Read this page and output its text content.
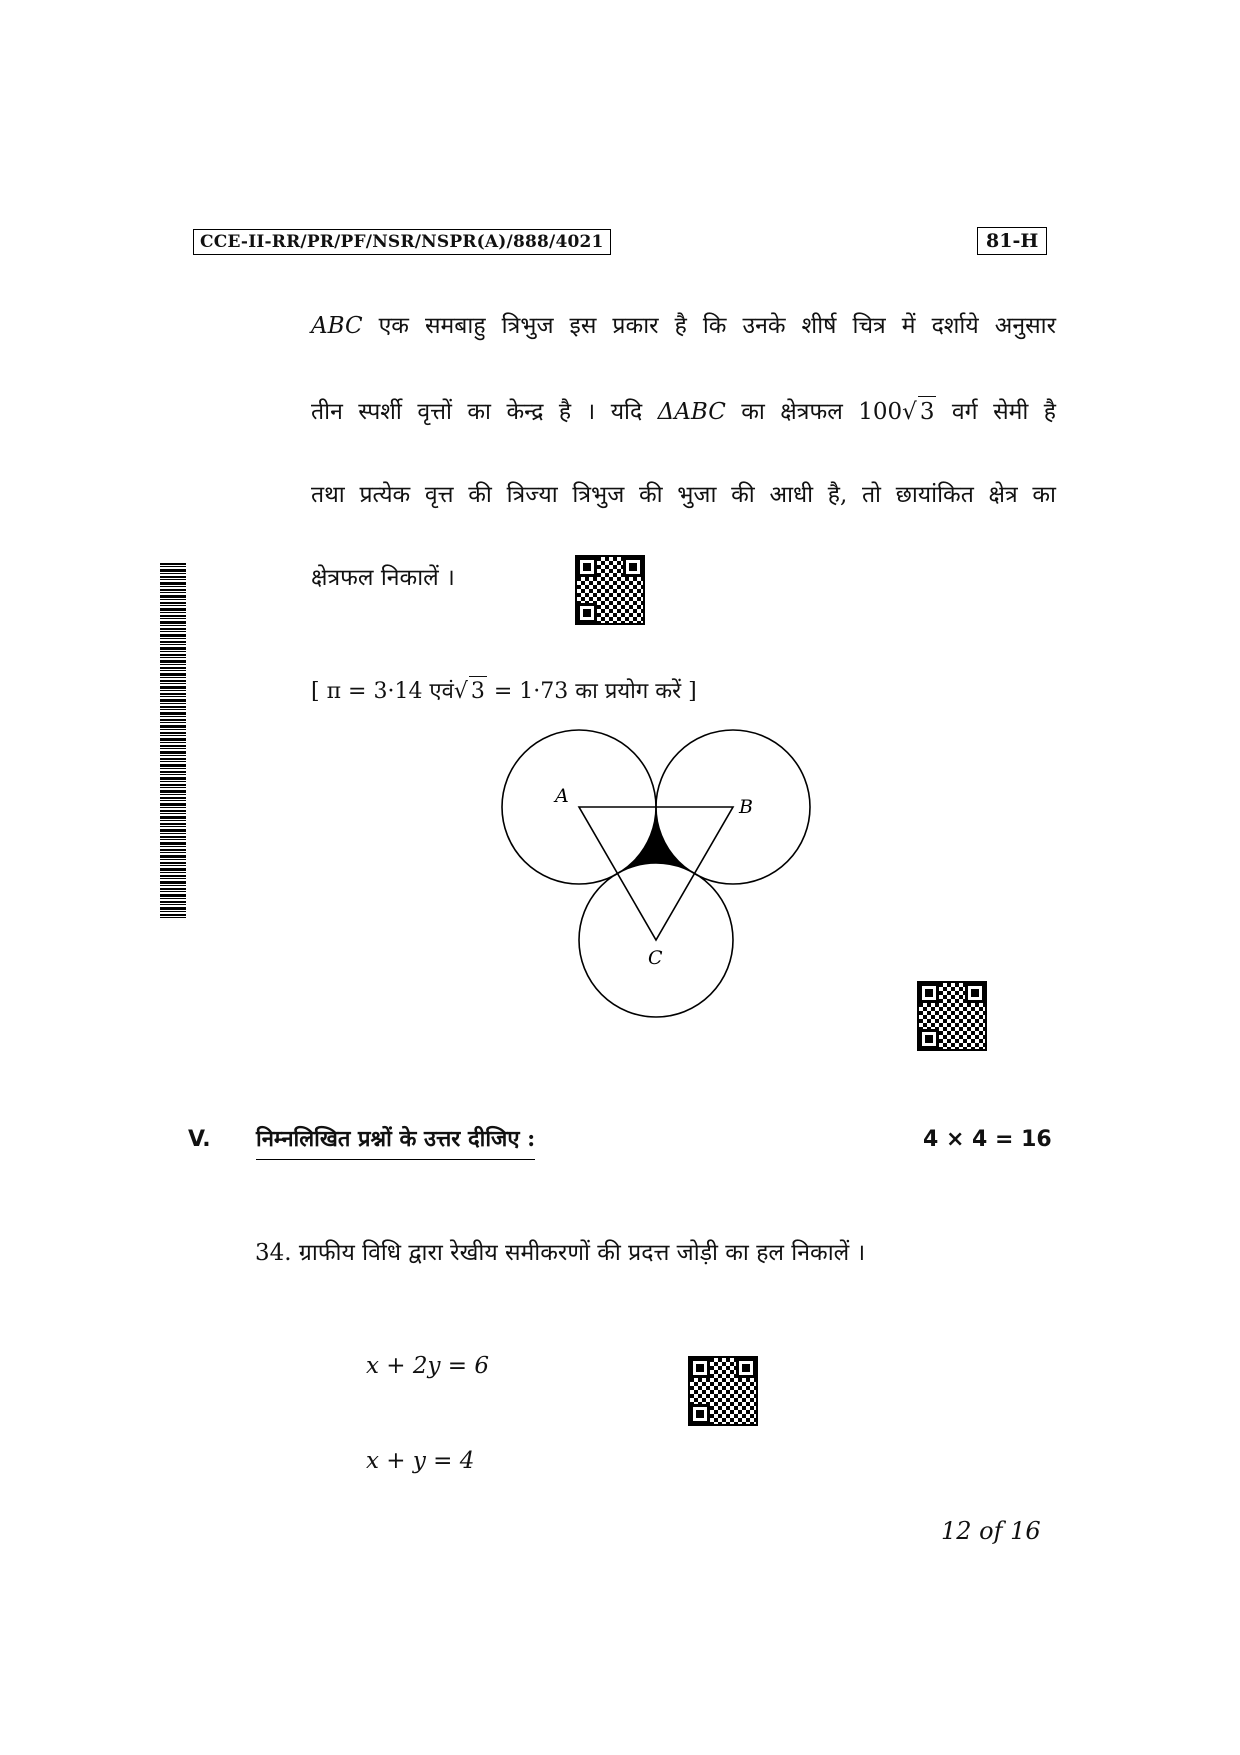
CCE-II-RR/PR/PF/NSR/NSPR(A)/888/4021	81-H
ABC एक समबाहु त्रिभुज इस प्रकार है कि उनके शीर्ष चित्र में दर्शाये अनुसार
तीन स्पर्शी वृत्तों का केन्द्र है । यदि ΔABC का क्षेत्रफल 100√ 3 वर्ग सेमी है
तथा प्रत्येक वृत्त की त्रिज्या त्रिभुज की भुजा की आधी है, तो छायांकित क्षेत्र का
क्षेत्रफल निकालें ।
[ π = 3·14 एवं√ 3 = 1·73 का प्रयोग करें ]
A	B
C
V. निम्नलिखित प्रश्नों के उत्तर दीजिए :	4 × 4 = 16
34. ग्राफीय विधि द्वारा रेखीय समीकरणों की प्रदत्त जोड़ी का हल निकालें ।
x + 2y = 6
x + y = 4
12 of 16
